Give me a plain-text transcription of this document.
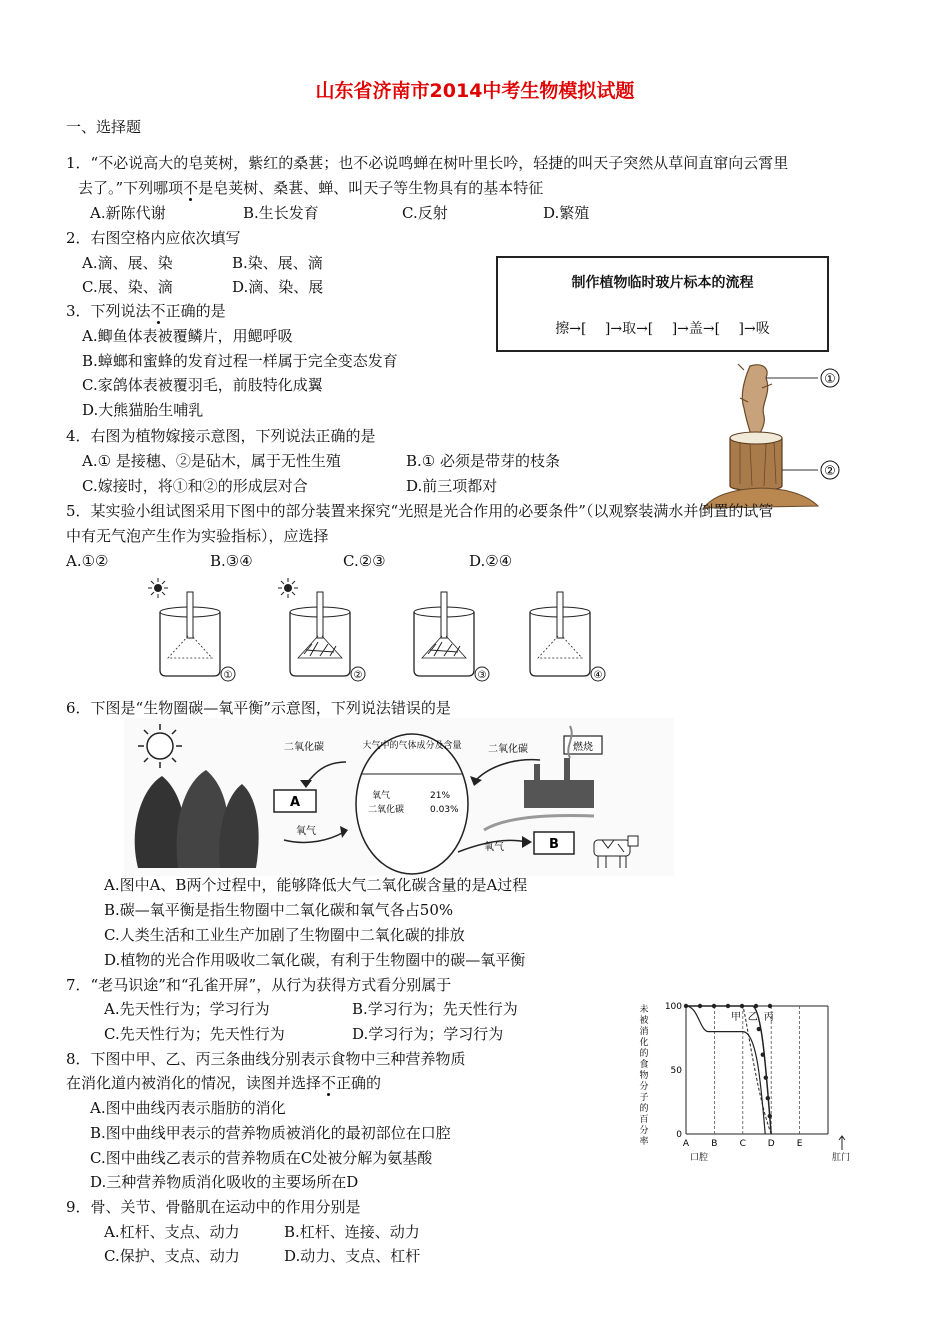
山东省济南市2014中考生物模拟试题
一、选择题
1．“不必说高大的皂荚树，紫红的桑葚；也不必说鸣蝉在树叶里长吟，轻捷的叫天子突然从草间直窜向云霄里
去了。”下列哪项不是皂荚树、桑葚、蝉、叫天子等生物具有的基本特征
A.新陈代谢	B.生长发育	C.反射	D.繁殖
2．右图空格内应依次填写
A.滴、展、染	B.染、展、滴
C.展、染、滴	D.滴、染、展	制作植物临时玻片标本的流程
擦→[　 ]→取→[　 ]→盖→[　 ]→吸
3．下列说法不正确的是
A.鲫鱼体表被覆鳞片，用鳃呼吸
B.蟑螂和蜜蜂的发育过程一样属于完全变态发育
C.家鸽体表被覆羽毛，前肢特化成翼
D.大熊猫胎生哺乳
4．右图为植物嫁接示意图，下列说法正确的是
A.① 是接穗、②是砧木，属于无性生殖	B.① 必须是带芽的枝条
C.嫁接时，将①和②的形成层对合	D.前三项都对
①
②
5．某实验小组试图采用下图中的部分装置来探究“光照是光合作用的必要条件”（以观察装满水并倒置的试管
中有无气泡产生作为实验指标），应选择
A.①②	B.③④	C.②③	D.②④
①	②	③	④
6．下图是“生物圈碳—氧平衡”示意图，下列说法错误的是
A
二氧化碳
氧气
大气中的气体成分及含量
氧气	21%
二氧化碳	0.03%
二氧化碳	燃烧
氧气	B
A.图中A、B两个过程中，能够降低大气二氧化碳含量的是A过程
B.碳—氧平衡是指生物圈中二氧化碳和氧气各占50%
C.人类生活和工业生产加剧了生物圈中二氧化碳的排放
D.植物的光合作用吸收二氧化碳，有利于生物圈中的碳—氧平衡
7．“老马识途”和“孔雀开屏”，从行为获得方式看分别属于
A.先天性行为；学习行为	B.学习行为；先天性行为
C.先天性行为；先天性行为	D.学习行为；学习行为
8．下图中甲、乙、丙三条曲线分别表示食物中三种营养物质
在消化道内被消化的情况，读图并选择不正确的
A.图中曲线丙表示脂肪的消化
B.图中曲线甲表示的营养物质被消化的最初部位在口腔
C.图中曲线乙表示的营养物质在C处被分解为氨基酸
D.三种营养物质消化吸收的主要场所在D
未
被
消
化
的
食
物
分
子
的
百
分
率	A B C D E
100
50
0
口腔	肛门
甲 乙 丙
9．骨、关节、骨骼肌在运动中的作用分别是
A.杠杆、支点、动力	B.杠杆、连接、动力
C.保护、支点、动力	D.动力、支点、杠杆
